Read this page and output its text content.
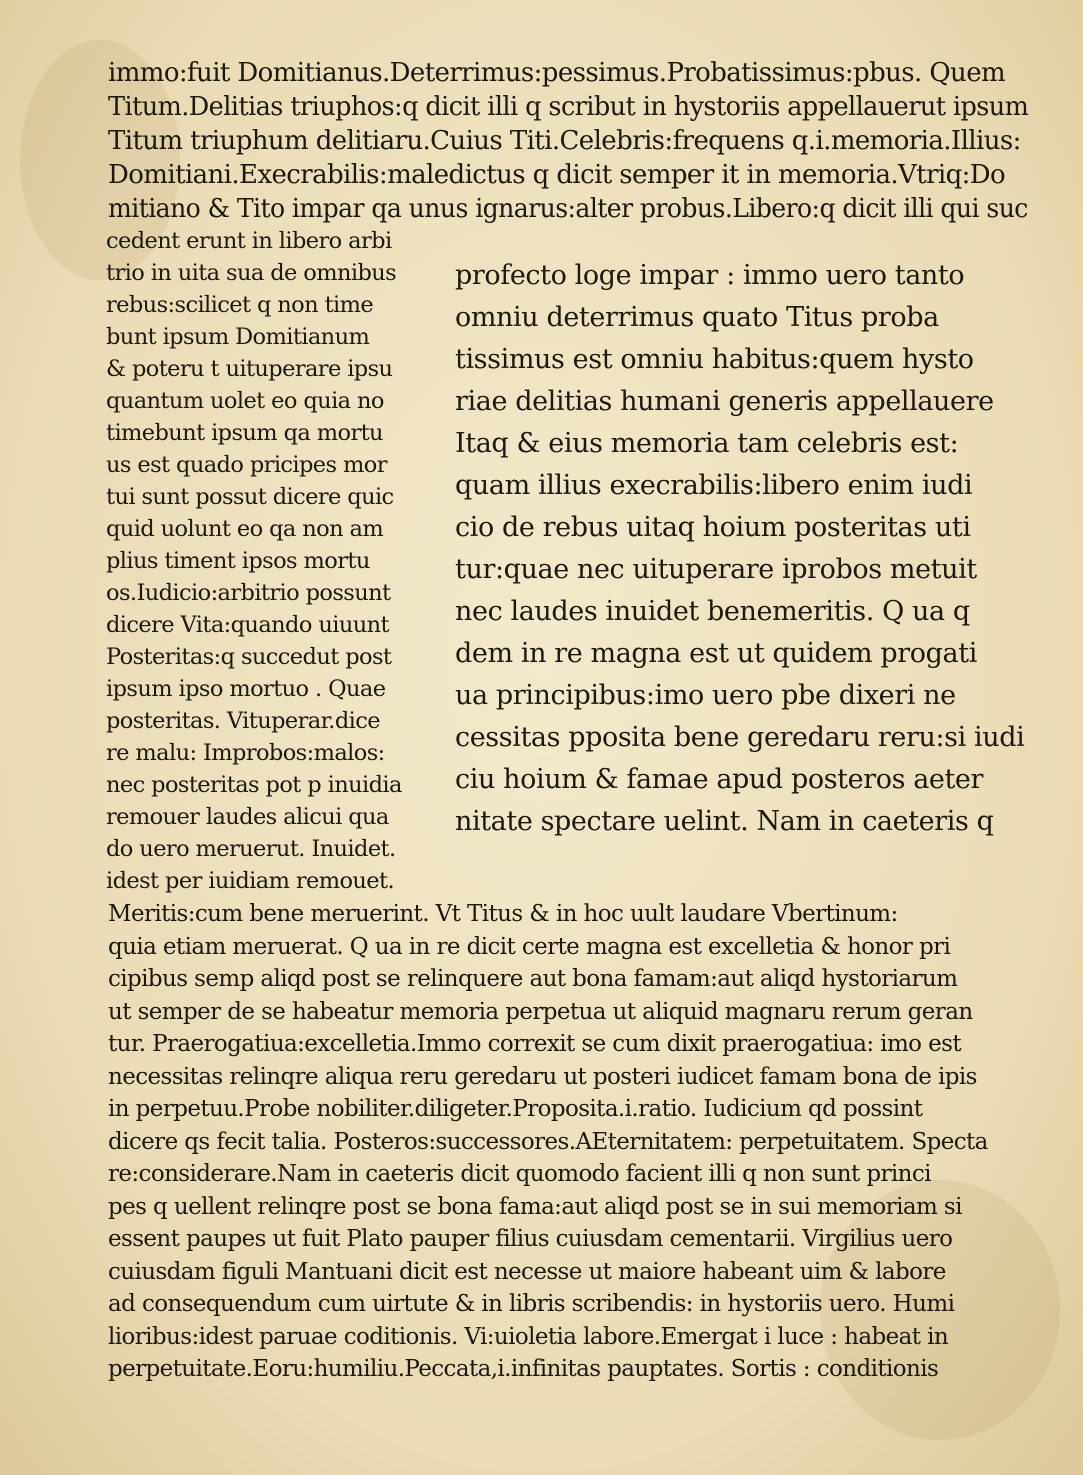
immo:fuit Domitianus.Deterrimus:pessimus.Probatissimus:pbus. Quem

Titum.Delitias triuphos:q dicit illi q scribut in hystoriis appellauerut ipsum

Titum triuphum delitiaru.Cuius Titi.Celebris:frequens q.i.memoria.Illius:

Domitiani.Execrabilis:maledictus q dicit semper it in memoria.Vtriq:Do

mitiano & Tito impar qa unus ignarus:alter probus.Libero:q dicit illi qui suc

cedent erunt in libero arbi

trio in uita sua de omnibus

rebus:scilicet q non time

bunt ipsum Domitianum

& poteru t uituperare ipsu

quantum uolet eo quia no

timebunt ipsum qa mortu

us est quado pricipes mor

tui sunt possut dicere quic

quid uolunt eo qa non am

plius timent ipsos mortu

os.Iudicio:arbitrio possunt

dicere Vita:quando uiuunt

Posteritas:q succedut post

ipsum ipso mortuo . Quae

posteritas. Vituperar.dice

re malu: Improbos:malos:

nec posteritas pot p inuidia

remouer laudes alicui qua

do uero meruerut. Inuidet.

idest per iuidiam remouet.

profecto loge impar : immo uero tanto

omniu deterrimus quato Titus proba

tissimus est omniu habitus:quem hysto

riae delitias humani generis appellauere

Itaq & eius memoria tam celebris est:

quam illius execrabilis:libero enim iudi

cio de rebus uitaq hoium posteritas uti

tur:quae nec uituperare iprobos metuit

nec laudes inuidet benemeritis. Q ua q

dem in re magna est ut quidem progati

ua principibus:imo uero pbe dixeri ne

cessitas pposita bene geredaru reru:si iudi

ciu hoium & famae apud posteros aeter

nitate spectare uelint. Nam in caeteris q

Meritis:cum bene meruerint. Vt Titus & in hoc uult laudare Vbertinum:

quia etiam meruerat. Q ua in re dicit certe magna est excelletia & honor pri

cipibus semp aliqd post se relinquere aut bona famam:aut aliqd hystoriarum

ut semper de se habeatur memoria perpetua ut aliquid magnaru rerum geran

tur. Praerogatiua:excelletia.Immo correxit se cum dixit praerogatiua: imo est

necessitas relinqre aliqua reru geredaru ut posteri iudicet famam bona de ipis

in perpetuu.Probe nobiliter.diligeter.Proposita.i.ratio. Iudicium qd possint

dicere qs fecit talia. Posteros:successores.AEternitatem: perpetuitatem. Specta

re:considerare.Nam in caeteris dicit quomodo facient illi q non sunt princi

pes q uellent relinqre post se bona fama:aut aliqd post se in sui memoriam si

essent paupes ut fuit Plato pauper filius cuiusdam cementarii. Virgilius uero

cuiusdam figuli Mantuani dicit est necesse ut maiore habeant uim & labore

ad consequendum cum uirtute & in libris scribendis: in hystoriis uero. Humi

lioribus:idest paruae coditionis. Vi:uioletia labore.Emergat i luce : habeat in

perpetuitate.Eoru:humiliu.Peccata,i.infinitas pauptates. Sortis : conditionis
